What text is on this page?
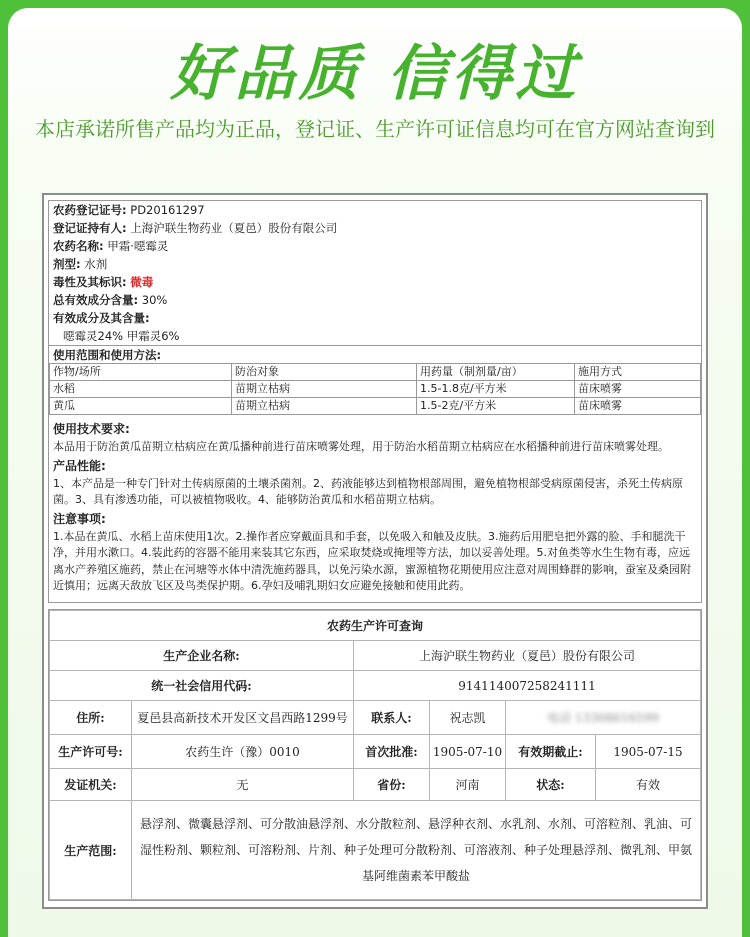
好品质 信得过
本店承诺所售产品均为正品，登记证、生产许可证信息均可在官方网站查询到
农药登记证号: PD20161297
登记证持有人: 上海沪联生物药业（夏邑）股份有限公司
农药名称: 甲霜·噁霉灵
剂型: 水剂
毒性及其标识: 微毒
总有效成分含量: 30%
有效成分及其含量:
噁霉灵24% 甲霜灵6%
使用范围和使用方法:
作物/场所	防治对象	用药量（制剂量/亩）	施用方式
水稻	苗期立枯病	1.5-1.8克/平方米	苗床喷雾
黄瓜	苗期立枯病	1.5-2克/平方米	苗床喷雾
使用技术要求:
本品用于防治黄瓜苗期立枯病应在黄瓜播种前进行苗床喷雾处理，用于防治水稻苗期立枯病应在水稻播种前进行苗床喷雾处理。
产品性能:
1、本产品是一种专门针对土传病原菌的土壤杀菌剂。2、药液能够达到植物根部周围，避免植物根部受病原菌侵害，杀死土传病原菌。3、具有渗透功能，可以被植物吸收。4、能够防治黄瓜和水稻苗期立枯病。
注意事项:
1.本品在黄瓜、水稻上苗床使用1次。2.操作者应穿戴面具和手套，以免吸入和触及皮肤。3.施药后用肥皂把外露的脸、手和腿洗干净，并用水漱口。4.装此药的容器不能用来装其它东西，应采取焚烧或掩埋等方法，加以妥善处理。5.对鱼类等水生生物有毒，应远离水产养殖区施药，禁止在河塘等水体中清洗施药器具，以免污染水源，蜜源植物花期使用应注意对周围蜂群的影响，蚕室及桑园附近慎用；远离天敌放飞区及鸟类保护期。6.孕妇及哺乳期妇女应避免接触和使用此药。
农药生产许可查询					
生产企业名称:		上海沪联生物药业（夏邑）股份有限公司			
统一社会信用代码:		91411400725824111​1			
住所:	夏邑县高新技术开发区文昌西路1299号	联系人:	祝志凯	电话 13308616599	
生产许可号:	农药生许（豫）0010	首次批准:	1905-07-10	有效期截止:	1905-07-15
发证机关:	无	省份:	河南	状态:	有效
生产范围:	悬浮剂、微囊悬浮剂、可分散油悬浮剂、水分散粒剂、悬浮种衣剂、水乳剂、水剂、可溶粒剂、乳油、可湿性粉剂、颗粒剂、可溶粉剂、片剂、种子处理可分散粉剂、可溶液剂、种子处理悬浮剂、微乳剂、甲氨基阿维菌素苯甲酸盐				
